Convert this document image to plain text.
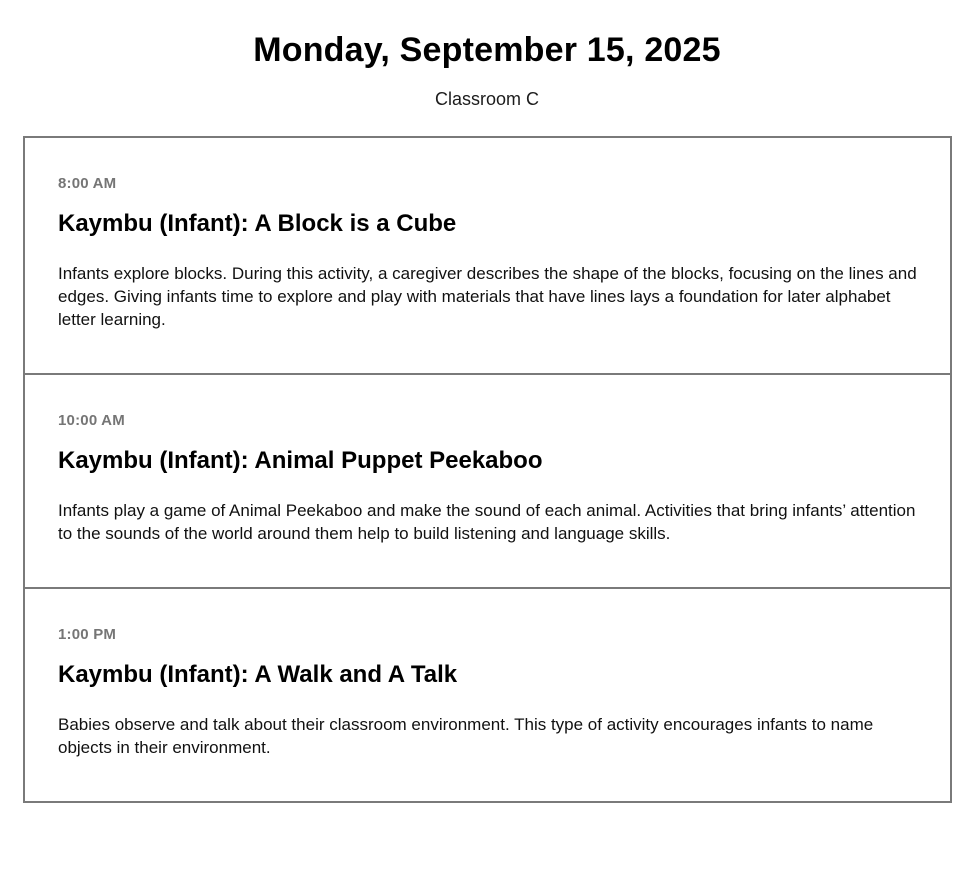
Monday, September 15, 2025
Classroom C
8:00 AM
Kaymbu (Infant): A Block is a Cube

Infants explore blocks. During this activity, a caregiver describes the shape of the blocks, focusing on the lines and edges. Giving infants time to explore and play with materials that have lines lays a foundation for later alphabet letter learning.

10:00 AM
Kaymbu (Infant): Animal Puppet Peekaboo

Infants play a game of Animal Peekaboo and make the sound of each animal. Activities that bring infants’ attention to the sounds of the world around them help to build listening and language skills.

1:00 PM
Kaymbu (Infant): A Walk and A Talk

Babies observe and talk about their classroom environment. This type of activity encourages infants to name objects in their environment.
